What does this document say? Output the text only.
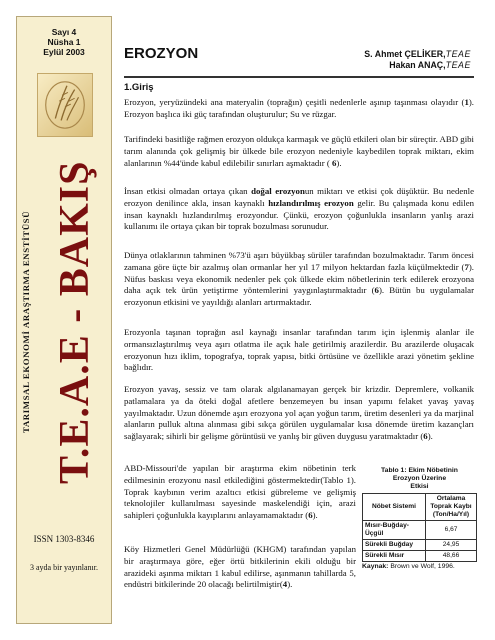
Sayı 4
Nüsha 1
Eylül 2003
TARIMSAL EKONOMİ ARAŞTIRMA ENSTİTÜSÜ T.E.A.E - BAKIŞ
ISSN 1303-8346
3 ayda bir yayınlanır.
EROZYON	S. Ahmet ÇELİKER,TEAE
Hakan ANAÇ,TEAE
1.Giriş

Erozyon, yeryüzündeki ana materyalin (toprağın) çeşitli nedenlerle aşınıp taşınması olayıdır (1). Erozyon başlıca iki güç tarafından oluşturulur; Su ve rüzgar.

Tarifindeki basitliğe rağmen erozyon oldukça karmaşık ve güçlü etkileri olan bir süreçtir. ABD gibi tarım alanında çok gelişmiş bir ülkede bile erozyon nedeniyle kaybedilen toprak miktarı, ekim alanlarının %44'ünde kabul edilebilir sınırları aşmaktadır ( 6).

İnsan etkisi olmadan ortaya çıkan doğal erozyonun miktarı ve etkisi çok düşüktür. Bu nedenle erozyon denilince akla, insan kaynaklı hızlandırılmış erozyon gelir. Bu çalışmada konu edilen insan kaynaklı hızlandırılmış erozyondur. Çünkü, erozyon çoğunlukla insanların yanlış arazi kullanımı ile ortaya çıkan bir toprak bozulması sorunudur.

Dünya otlaklarının tahminen %73'ü aşırı büyükbaş sürüler tarafından bozulmaktadır. Tarım öncesi zamana göre üçte bir azalmış olan ormanlar her yıl 17 milyon hektardan fazla küçülmektedir (7). Nüfus baskısı veya ekonomik nedenler pek çok ülkede ekim nöbetlerinin terk edilerek erozyona daha açık tek ürün yetiştirme yöntemlerini yaygınlaştırmaktadır (6). Bütün bu uygulamalar erozyonun etkisini ve yayıldığı alanları artırmaktadır.

Erozyonla taşınan toprağın asıl kaynağı insanlar tarafından tarım için işlenmiş alanlar ile ormansızlaştırılmış veya aşırı otlatma ile açık hale getirilmiş arazilerdir. Bu arazilerde oluşacak erozyonun hızı iklim, topografya, toprak yapısı, bitki örtüsüne ve özellikle arazi yönetim şekline bağlıdır.

Erozyon yavaş, sessiz ve tam olarak algılanamayan gerçek bir krizdir. Depremlere, volkanik patlamalara ya da öteki doğal afetlere benzemeyen bu insan yapımı felaket yavaş yavaş yayılmaktadır. Uzun dönemde aşırı erozyona yol açan yoğun tarım, üretim desenleri ya da marjinal alanların pulluk altına alınması gibi sıkça görülen uygulamalar kısa dönemde üretim kazançları sağlayarak; sihirli bir gelişme görüntüsü ve yanlış bir güven duygusu yaratmaktadır (6).

ABD-Missouri'de yapılan bir araştırma ekim nöbetinin terk edilmesinin erozyonu nasıl etkilediğini göstermektedir(Tablo 1). Toprak kaybının verim azaltıcı etkisi gübreleme ve gelişmiş teknolojiler kullanılması sayesinde maskelendiği için, arazi sahipleri çoğunlukla kayıplarını anlayamamaktadır (6).

Köy Hizmetleri Genel Müdürlüğü (KHGM) tarafından yapılan bir araştırmaya göre, eğer örtü bitkilerinin ekili olduğu bir arazideki aşınma miktarı 1 kabul edilirse, aşınmanın tahillarda 5, endüstri bitkilerinde 20 olacağı belirtilmiştir(4).

Tablo 1: Ekim Nöbetinin
Erozyon Üzerine
Etkisi
Nöbet Sistemi	Ortalama Toprak Kaybı (Ton/Ha/Yıl)
Mısır-Buğday-Üçgül	6,67
Sürekli Buğday	24,95
Sürekli Mısır	48,66
Kaynak: Brown ve Wolf, 1996.
